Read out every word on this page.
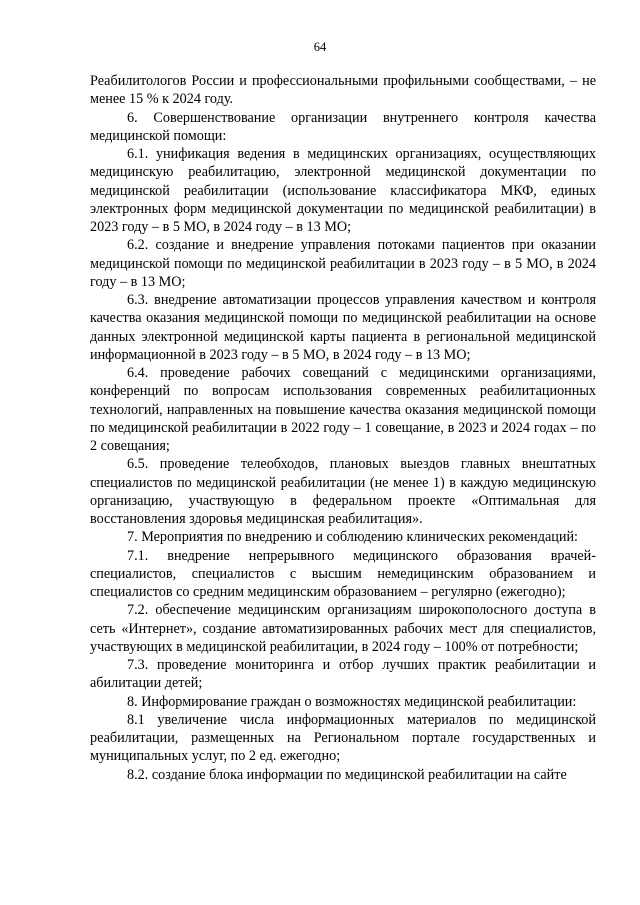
64

Реабилитологов России и профессиональными профильными сообществами, – не менее 15 % к 2024 году.

6. Совершенствование организации внутреннего контроля качества медицинской помощи:

6.1. унификация ведения в медицинских организациях, осуществляющих медицинскую реабилитацию, электронной медицинской документации по медицинской реабилитации (использование классификатора МКФ, единых электронных форм медицинской документации по медицинской реабилитации) в 2023 году – в 5 МО, в 2024 году – в 13 МО;

6.2. создание и внедрение управления потоками пациентов при оказании медицинской помощи по медицинской реабилитации в 2023 году – в 5 МО, в 2024 году – в 13 МО;

6.3. внедрение автоматизации процессов управления качеством и контроля качества оказания медицинской помощи по медицинской реабилитации на основе данных электронной медицинской карты пациента в региональной медицинской информационной в 2023 году – в 5 МО, в 2024 году – в 13 МО;

6.4. проведение рабочих совещаний с медицинскими организациями, конференций по вопросам использования современных реабилитационных технологий, направленных на повышение качества оказания медицинской помощи по медицинской реабилитации в 2022 году – 1 совещание, в 2023 и 2024 годах – по 2 совещания;

6.5. проведение телеобходов, плановых выездов главных внештатных специалистов по медицинской реабилитации (не менее 1) в каждую медицинскую организацию, участвующую в федеральном проекте «Оптимальная для восстановления здоровья медицинская реабилитация».

7. Мероприятия по внедрению и соблюдению клинических рекомендаций:

7.1. внедрение непрерывного медицинского образования врачей-специалистов, специалистов с высшим немедицинским образованием и специалистов со средним медицинским образованием – регулярно (ежегодно);

7.2. обеспечение медицинским организациям широкополосного доступа в сеть «Интернет», создание автоматизированных рабочих мест для специалистов, участвующих в медицинской реабилитации, в 2024 году – 100% от потребности;

7.3. проведение мониторинга и отбор лучших практик реабилитации и абилитации детей;

8. Информирование граждан о возможностях медицинской реабилитации:

8.1 увеличение числа информационных материалов по медицинской реабилитации, размещенных на Региональном портале государственных и муниципальных услуг, по 2 ед. ежегодно;

8.2. создание блока информации по медицинской реабилитации на сайте
